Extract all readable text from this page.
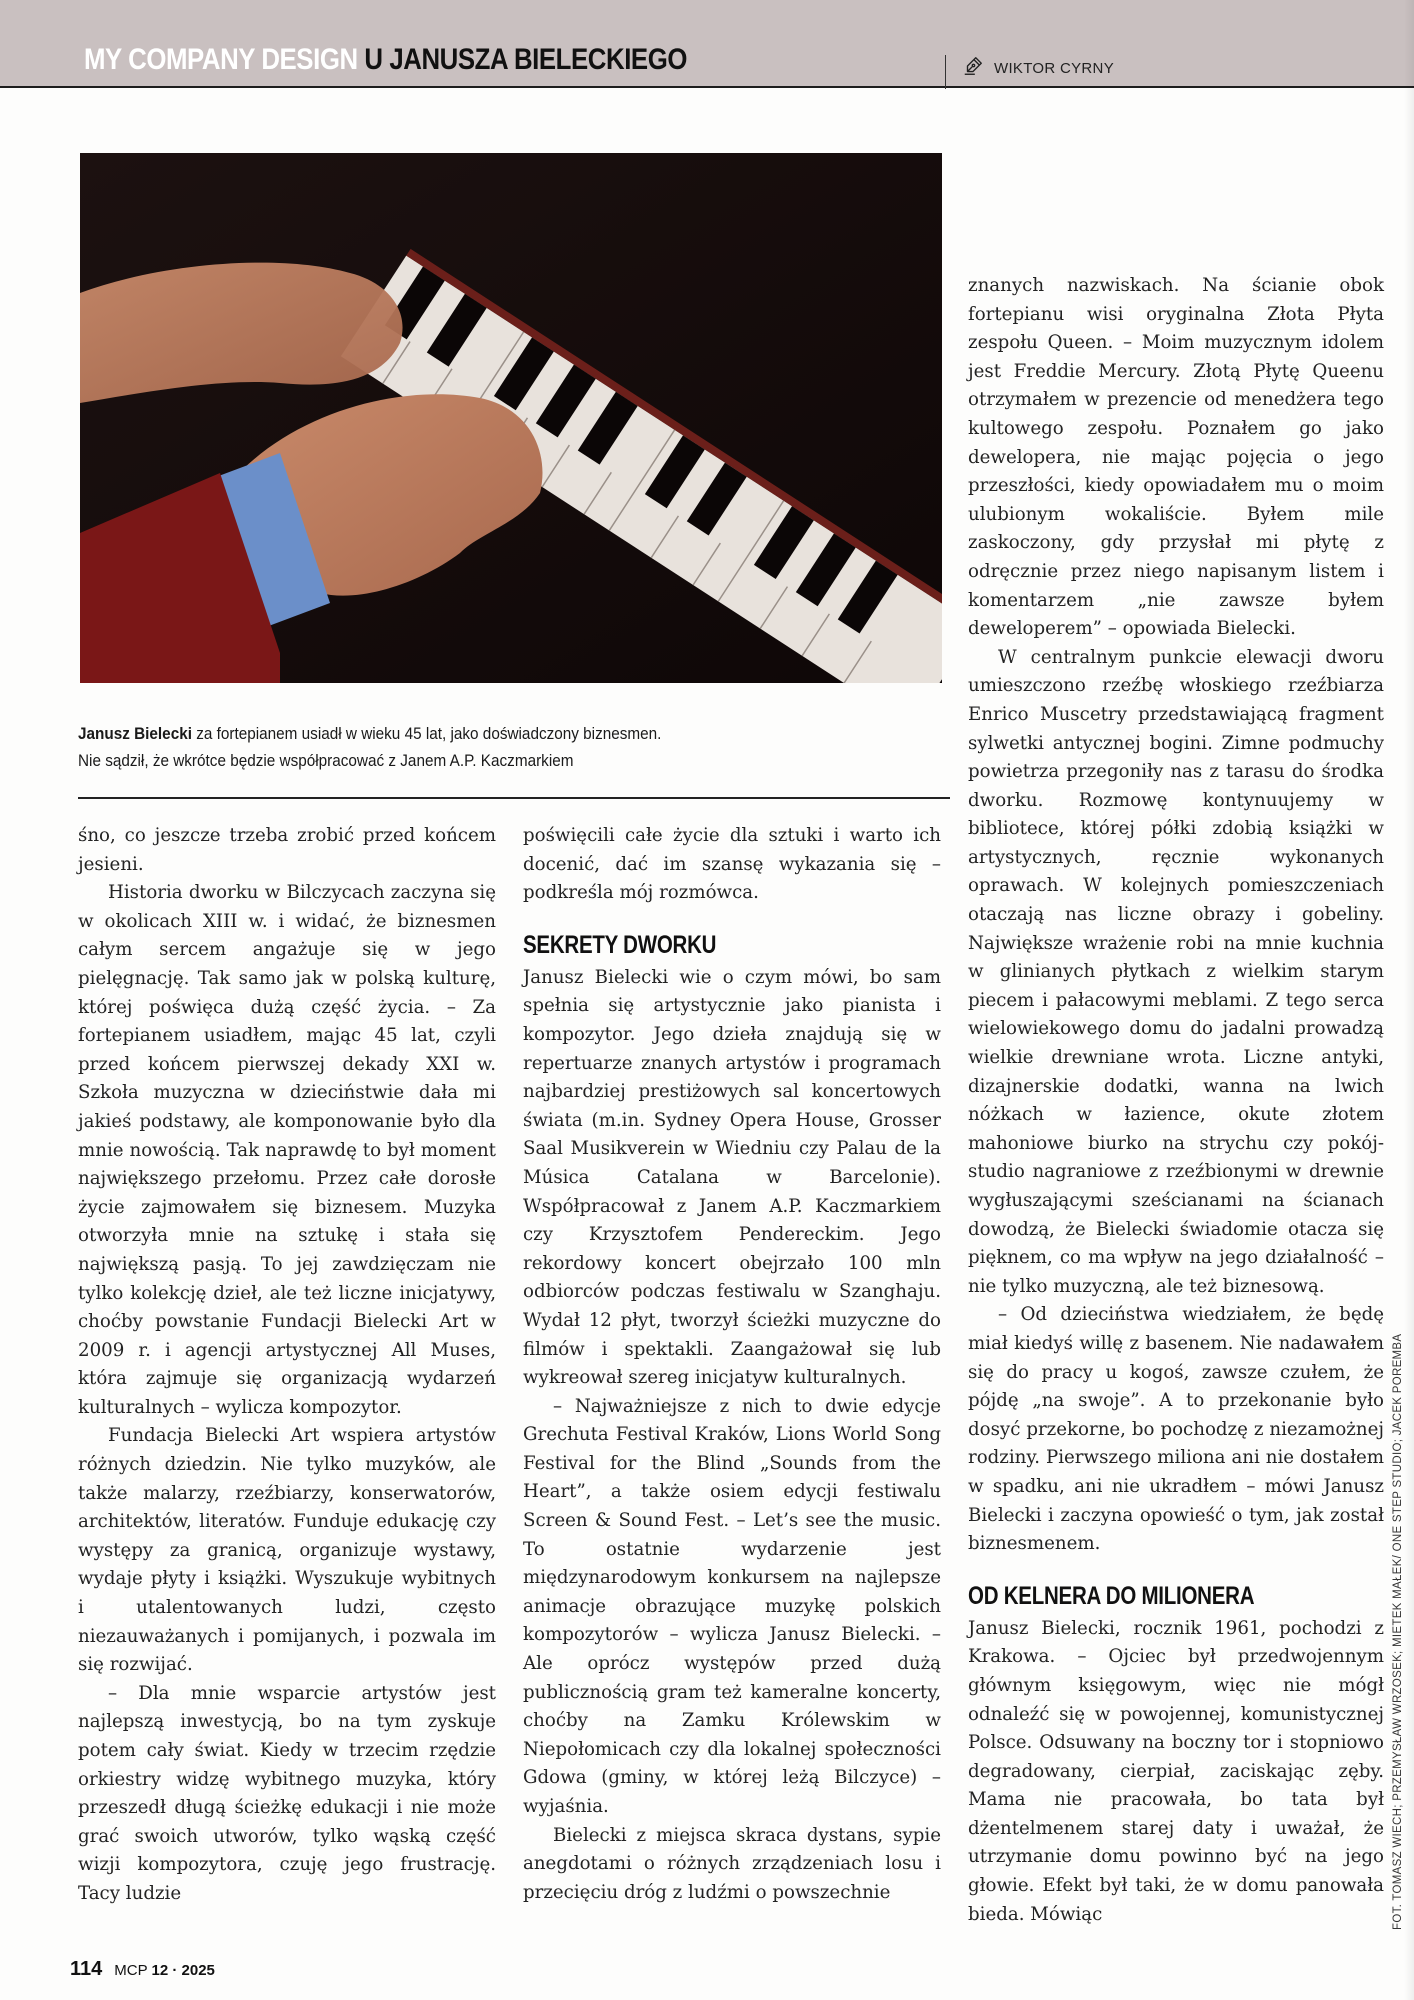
MY COMPANY DESIGN U JANUSZA BIELECKIEGO	WIKTOR CYRNY
Janusz Bielecki za fortepianem usiadł w wieku 45 lat, jako doświadczony biznesmen.
Nie sądził, że wkrótce będzie współpracować z Janem A.P. Kaczmarkiem

śno, co jeszcze trzeba zrobić przed końcem jesieni.

Historia dworku w Bilczycach zaczyna się w okolicach XIII w. i widać, że biznesmen całym sercem angażuje się w jego pielęgnację. Tak samo jak w polską kulturę, której poświęca dużą część życia. – Za fortepianem usiadłem, mając 45 lat, czyli przed końcem pierwszej dekady XXI w. Szkoła muzyczna w dzieciństwie dała mi jakieś podstawy, ale komponowanie było dla mnie nowością. Tak naprawdę to był moment największego przełomu. Przez całe dorosłe życie zajmowałem się biznesem. Muzyka otworzyła mnie na sztukę i stała się największą pasją. To jej zawdzięczam nie tylko kolekcję dzieł, ale też liczne inicjatywy, choćby powstanie Fundacji Bielecki Art w 2009 r. i agencji artystycznej All Muses, która zajmuje się organizacją wydarzeń kulturalnych – wylicza kompozytor.

Fundacja Bielecki Art wspiera artystów różnych dziedzin. Nie tylko muzyków, ale także malarzy, rzeźbiarzy, konserwatorów, architektów, literatów. Funduje edukację czy występy za granicą, organizuje wystawy, wydaje płyty i książki. Wyszukuje wybitnych i utalentowanych ludzi, często niezauważanych i pomijanych, i pozwala im się rozwijać.

– Dla mnie wsparcie artystów jest najlepszą inwestycją, bo na tym zyskuje potem cały świat. Kiedy w trzecim rzędzie orkiestry widzę wybitnego muzyka, który przeszedł długą ścieżkę edukacji i nie może grać swoich utworów, tylko wąską część wizji kompozytora, czuję jego frustrację. Tacy ludzie

poświęcili całe życie dla sztuki i warto ich docenić, dać im szansę wykazania się – podkreśla mój rozmówca.

SEKRETY DWORKU

Janusz Bielecki wie o czym mówi, bo sam spełnia się artystycznie jako pianista i kompozytor. Jego dzieła znajdują się w repertuarze znanych artystów i programach najbardziej prestiżowych sal koncertowych świata (m.in. Sydney Opera House, Grosser Saal Musikverein w Wiedniu czy Palau de la Música Catalana w Barcelonie). Współpracował z Janem A.P. Kaczmarkiem czy Krzysztofem Pendereckim. Jego rekordowy koncert obejrzało 100 mln odbiorców podczas festiwalu w Szanghaju. Wydał 12 płyt, tworzył ścieżki muzyczne do filmów i spektakli. Zaangażował się lub wykreował szereg inicjatyw kulturalnych.

– Najważniejsze z nich to dwie edycje Grechuta Festival Kraków, Lions World Song Festival for the Blind „Sounds from the Heart”, a także osiem edycji festiwalu Screen & Sound Fest. – Let’s see the music. To ostatnie wydarzenie jest międzynarodowym konkursem na najlepsze animacje obrazujące muzykę polskich kompozytorów – wylicza Janusz Bielecki. – Ale oprócz występów przed dużą publicznością gram też kameralne koncerty, choćby na Zamku Królewskim w Niepołomicach czy dla lokalnej społeczności Gdowa (gminy, w której leżą Bilczyce) – wyjaśnia.

Bielecki z miejsca skraca dystans, sypie anegdotami o różnych zrządzeniach losu i przecięciu dróg z ludźmi o powszechnie

znanych nazwiskach. Na ścianie obok fortepianu wisi oryginalna Złota Płyta zespołu Queen. – Moim muzycznym idolem jest Freddie Mercury. Złotą Płytę Queenu otrzymałem w prezencie od menedżera tego kultowego zespołu. Poznałem go jako dewelopera, nie mając pojęcia o jego przeszłości, kiedy opowiadałem mu o moim ulubionym wokaliście. Byłem mile zaskoczony, gdy przysłał mi płytę z odręcznie przez niego napisanym listem i komentarzem „nie zawsze byłem deweloperem” – opowiada Bielecki.

W centralnym punkcie elewacji dworu umieszczono rzeźbę włoskiego rzeźbiarza Enrico Muscetry przedstawiającą fragment sylwetki antycznej bogini. Zimne podmuchy powietrza przegoniły nas z tarasu do środka dworku. Rozmowę kontynuujemy w bibliotece, której półki zdobią książki w artystycznych, ręcznie wykonanych oprawach. W kolejnych pomieszczeniach otaczają nas liczne obrazy i gobeliny. Największe wrażenie robi na mnie kuchnia w glinianych płytkach z wielkim starym piecem i pałacowymi meblami. Z tego serca wielowiekowego domu do jadalni prowadzą wielkie drewniane wrota. Liczne antyki, dizajnerskie dodatki, wanna na lwich nóżkach w łazience, okute złotem mahoniowe biurko na strychu czy pokój-studio nagraniowe z rzeźbionymi w drewnie wygłuszającymi sześcianami na ścianach dowodzą, że Bielecki świadomie otacza się pięknem, co ma wpływ na jego działalność – nie tylko muzyczną, ale też biznesową.

– Od dzieciństwa wiedziałem, że będę miał kiedyś willę z basenem. Nie nadawałem się do pracy u kogoś, zawsze czułem, że pójdę „na swoje”. A to przekonanie było dosyć przekorne, bo pochodzę z niezamożnej rodziny. Pierwszego miliona ani nie dostałem w spadku, ani nie ukradłem – mówi Janusz Bielecki i zaczyna opowieść o tym, jak został biznesmenem.

OD KELNERA DO MILIONERA

Janusz Bielecki, rocznik 1961, pochodzi z Krakowa. – Ojciec był przedwojennym głównym księgowym, więc nie mógł odnaleźć się w powojennej, komunistycznej Polsce. Odsuwany na boczny tor i stopniowo degradowany, cierpiał, zaciskając zęby. Mama nie pracowała, bo tata był dżentelmenem starej daty i uważał, że utrzymanie domu powinno być na jego głowie. Efekt był taki, że w domu panowała bieda. Mówiąc

114 MCP 12 · 2025
FOT. TOMASZ WIECH; PRZEMYSŁAW WRZOSEK; MIETEK MAŁEK/ ONE STEP STUDIO; JACEK POREMBA
